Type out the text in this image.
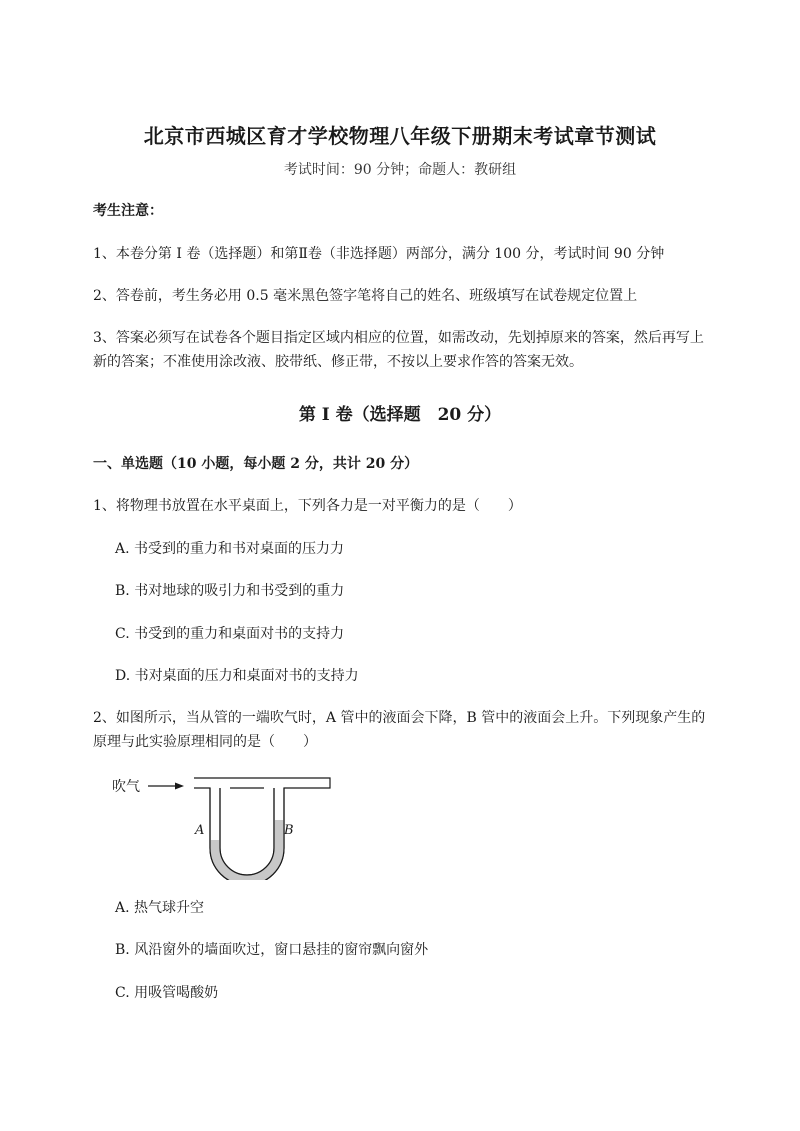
北京市西城区育才学校物理八年级下册期末考试章节测试
考试时间：90 分钟；命题人：教研组
考生注意：
1、本卷分第 I 卷（选择题）和第Ⅱ卷（非选择题）两部分，满分 100 分，考试时间 90 分钟
2、答卷前，考生务必用 0.5 毫米黑色签字笔将自己的姓名、班级填写在试卷规定位置上
3、答案必须写在试卷各个题目指定区域内相应的位置，如需改动，先划掉原来的答案，然后再写上新的答案；不准使用涂改液、胶带纸、修正带，不按以上要求作答的答案无效。
第 I 卷（选择题　20 分）
一、单选题（10 小题，每小题 2 分，共计 20 分）
1、将物理书放置在水平桌面上，下列各力是一对平衡力的是（　　）
A. 书受到的重力和书对桌面的压力力
B. 书对地球的吸引力和书受到的重力
C. 书受到的重力和桌面对书的支持力
D. 书对桌面的压力和桌面对书的支持力
2、如图所示，当从管的一端吹气时，A 管中的液面会下降，B 管中的液面会上升。下列现象产生的原理与此实验原理相同的是（　　）
吹气
A	B
A. 热气球升空
B. 风沿窗外的墙面吹过，窗口悬挂的窗帘飘向窗外
C. 用吸管喝酸奶
